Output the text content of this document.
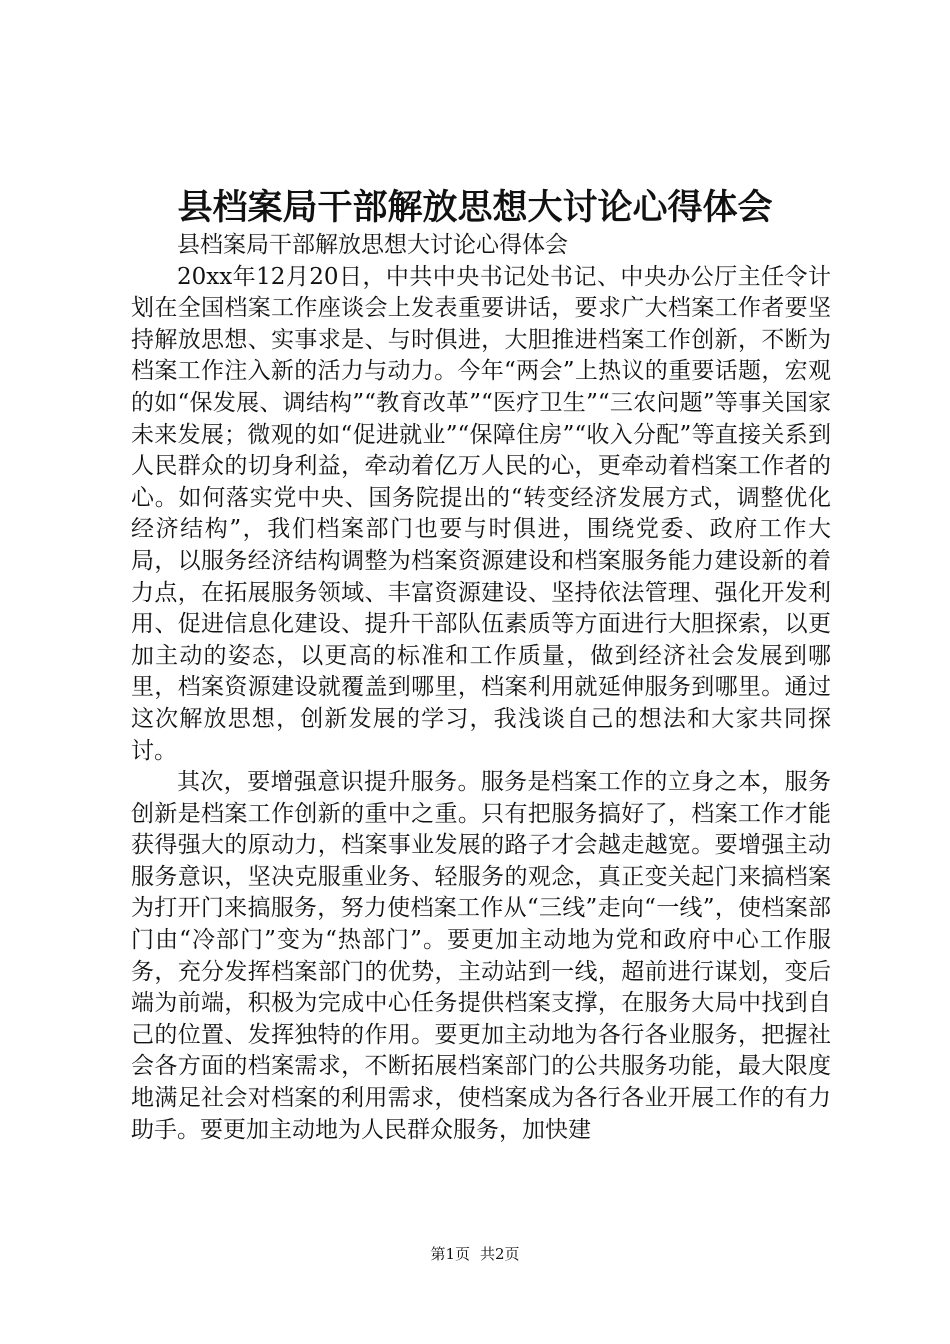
县档案局干部解放思想大讨论心得体会

县档案局干部解放思想大讨论心得体会

20xx年12月20日，中共中央书记处书记、中央办公厅主任令计划在全国档案工作座谈会上发表重要讲话，要求广大档案工作者要坚持解放思想、实事求是、与时俱进，大胆推进档案工作创新，不断为档案工作注入新的活力与动力。今年“两会”上热议的重要话题，宏观的如“保发展、调结构”“教育改革”“医疗卫生”“三农问题”等事关国家未来发展；微观的如“促进就业”“保障住房”“收入分配”等直接关系到人民群众的切身利益，牵动着亿万人民的心，更牵动着档案工作者的心。如何落实党中央、国务院提出的“转变经济发展方式，调整优化经济结构”，我们档案部门也要与时俱进，围绕党委、政府工作大局，以服务经济结构调整为档案资源建设和档案服务能力建设新的着力点，在拓展服务领域、丰富资源建设、坚持依法管理、强化开发利用、促进信息化建设、提升干部队伍素质等方面进行大胆探索，以更加主动的姿态，以更高的标准和工作质量，做到经济社会发展到哪里，档案资源建设就覆盖到哪里，档案利用就延伸服务到哪里。通过这次解放思想，创新发展的学习，我浅谈自己的想法和大家共同探讨。

其次，要增强意识提升服务。服务是档案工作的立身之本，服务创新是档案工作创新的重中之重。只有把服务搞好了，档案工作才能获得强大的原动力，档案事业发展的路子才会越走越宽。要增强主动服务意识，坚决克服重业务、轻服务的观念，真正变关起门来搞档案为打开门来搞服务，努力使档案工作从“三线”走向“一线”，使档案部门由“冷部门”变为“热部门”。要更加主动地为党和政府中心工作服务，充分发挥档案部门的优势，主动站到一线，超前进行谋划，变后端为前端，积极为完成中心任务提供档案支撑，在服务大局中找到自己的位置、发挥独特的作用。要更加主动地为各行各业服务，把握社会各方面的档案需求，不断拓展档案部门的公共服务功能，最大限度地满足社会对档案的利用需求，使档案成为各行各业开展工作的有力助手。要更加主动地为人民群众服务，加快建

第1页 共2页
